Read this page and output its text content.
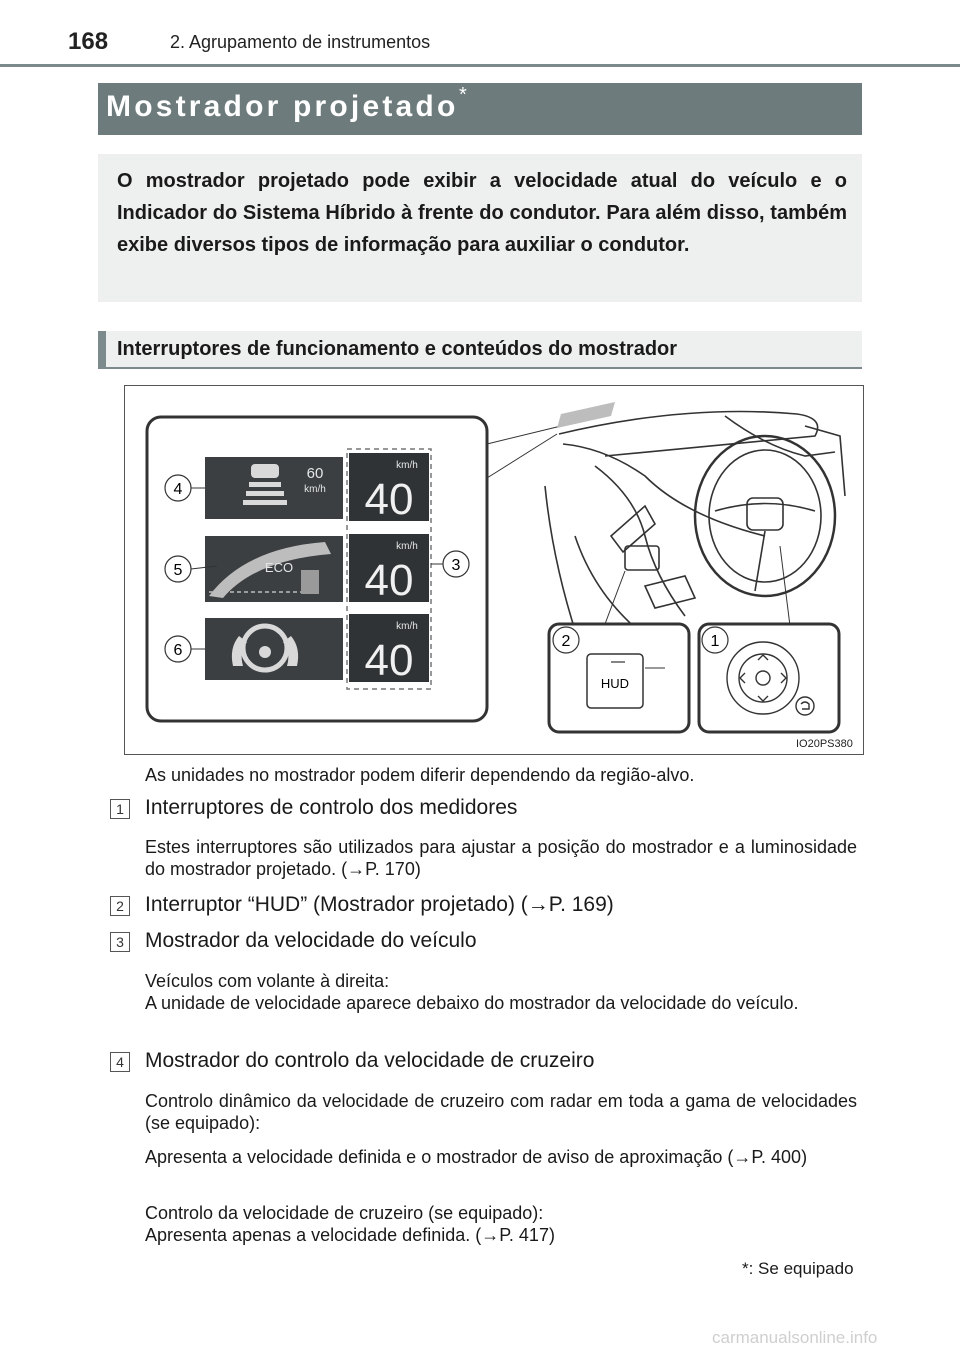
168	2. Agrupamento de instrumentos
Mostrador projetado *
O mostrador projetado pode exibir a velocidade atual do veículo e o Indicador do Sistema Híbrido à frente do condutor. Para além disso, também exibe diversos tipos de informação para auxiliar o condutor.
Interruptores de funcionamento e conteúdos do mostrador
60
km/h
km/h
40
ECO
km/h
40
km/h
40
4
5
6
3
2
HUD
1
IO20PS380
As unidades no mostrador podem diferir dependendo da região-alvo.
1 Interruptores de controlo dos medidores
Estes interruptores são utilizados para ajustar a posição do mostrador e a luminosidade do mostrador projetado. (→P. 170)
2 Interruptor “HUD” (Mostrador projetado) (→P. 169)
3 Mostrador da velocidade do veículo
Veículos com volante à direita:
A unidade de velocidade aparece debaixo do mostrador da velocidade do veículo.
4 Mostrador do controlo da velocidade de cruzeiro
Controlo dinâmico da velocidade de cruzeiro com radar em toda a gama de velocidades (se equipado):
Apresenta a velocidade definida e o mostrador de aviso de aproximação (→P. 400)
Controlo da velocidade de cruzeiro (se equipado):
Apresenta apenas a velocidade definida. (→P. 417)
*: Se equipado
carmanualsonline.info
